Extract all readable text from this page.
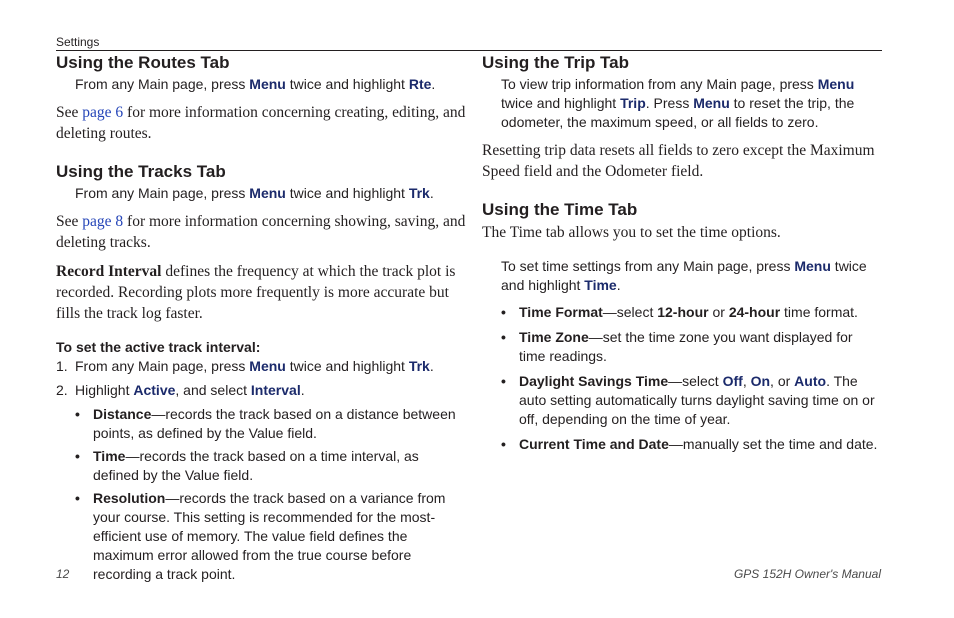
Settings
Using the Routes Tab
From any Main page, press Menu twice and highlight Rte.
See page 6 for more information concerning creating, editing, and deleting routes.
Using the Tracks Tab
From any Main page, press Menu twice and highlight Trk.
See page 8 for more information concerning showing, saving, and deleting tracks.
Record Interval defines the frequency at which the track plot is recorded. Recording plots more frequently is more accurate but fills the track log faster.
To set the active track interval:
1. From any Main page, press Menu twice and highlight Trk.
2. Highlight Active, and select Interval.
• Distance—records the track based on a distance between points, as defined by the Value field.
• Time—records the track based on a time interval, as defined by the Value field.
• Resolution—records the track based on a variance from your course. This setting is recommended for the most-efficient use of memory. The value field defines the maximum error allowed from the true course before recording a track point.
Using the Trip Tab
To view trip information from any Main page, press Menu twice and highlight Trip. Press Menu to reset the trip, the odometer, the maximum speed, or all fields to zero.
Resetting trip data resets all fields to zero except the Maximum Speed field and the Odometer field.
Using the Time Tab
The Time tab allows you to set the time options.
To set time settings from any Main page, press Menu twice and highlight Time.
• Time Format—select 12-hour or 24-hour time format.
• Time Zone—set the time zone you want displayed for time readings.
• Daylight Savings Time—select Off, On, or Auto. The auto setting automatically turns daylight saving time on or off, depending on the time of year.
• Current Time and Date—manually set the time and date.
12	GPS 152H Owner's Manual
